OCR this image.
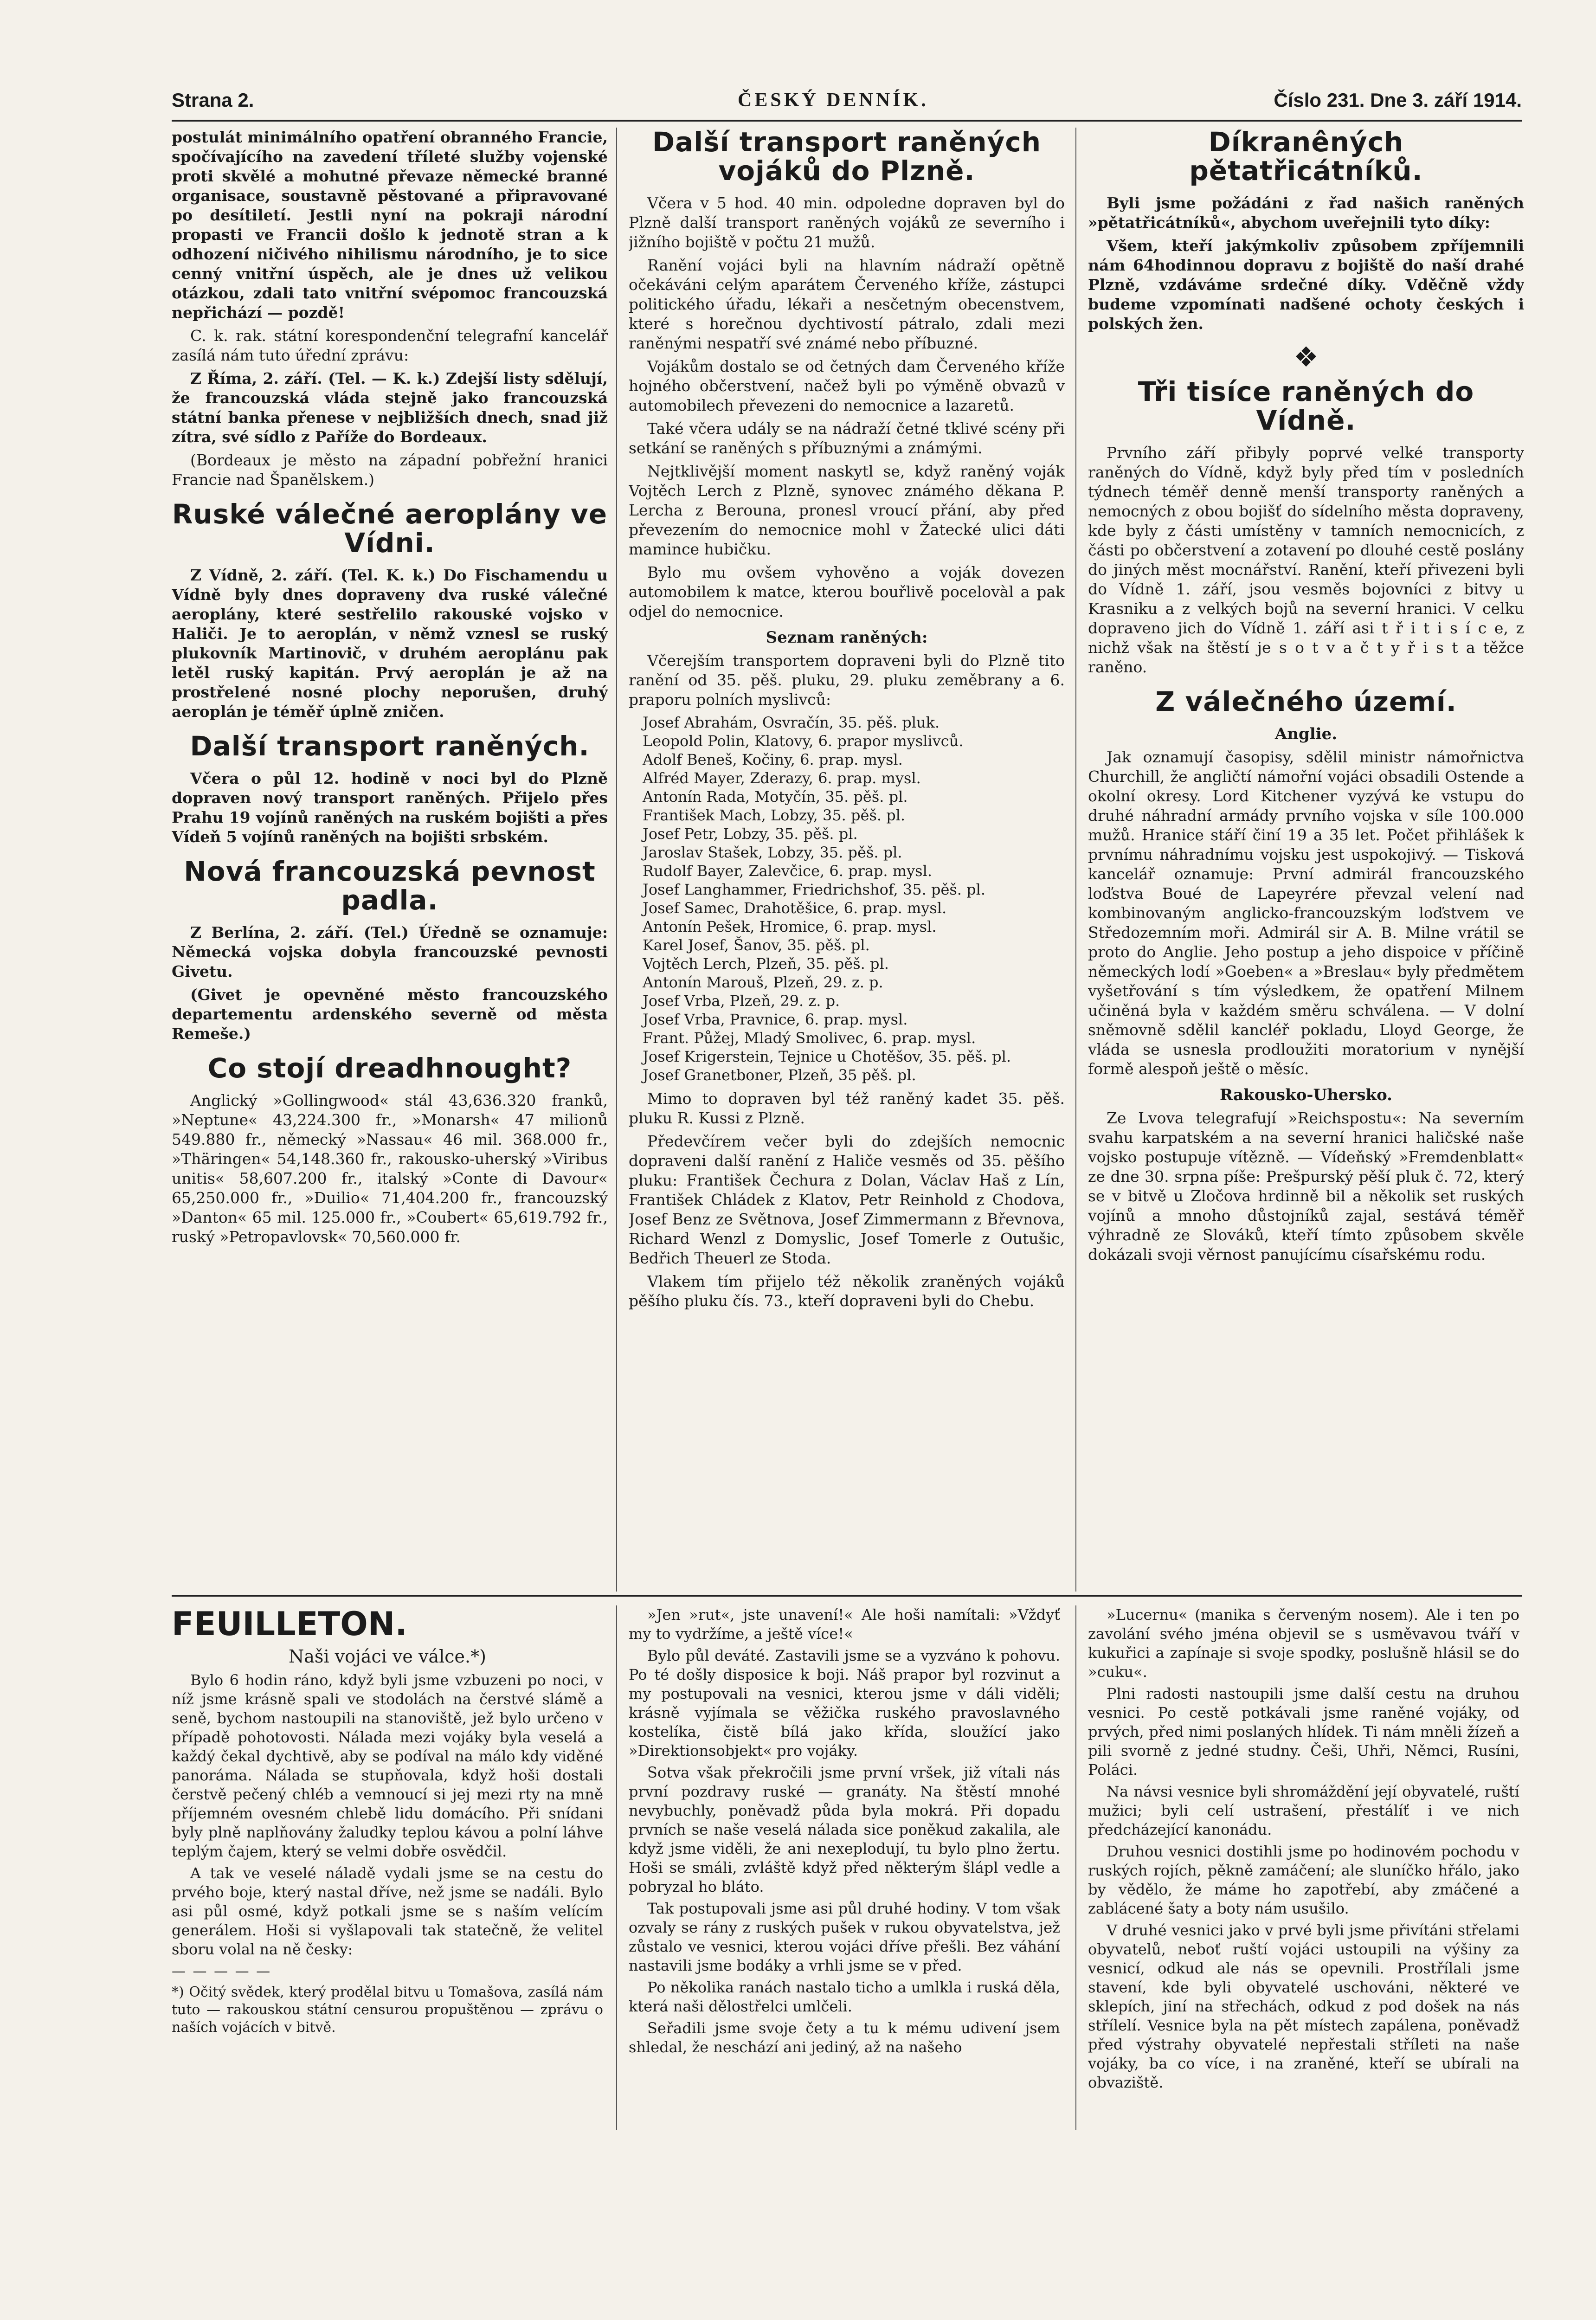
Strana 2.	ČESKÝ DENNÍK.	Číslo 231. Dne 3. září 1914.

postulát minimálního opatření obranného Francie, spočívajícího na zavedení tříleté služby vojenské proti skvělé a mohutné převaze německé branné organisace, soustavně pěstované a připravované po desítiletí. Jestli nyní na pokraji národní propasti ve Francii došlo k jednotě stran a k odhození ničivého nihilismu národního, je to sice cenný vnitřní úspěch, ale je dnes už velikou otázkou, zdali tato vnitřní svépomoc francouzská nepřichází — pozdě!

C. k. rak. státní korespondenční telegrafní kancelář zasílá nám tuto úřední zprávu:

Z Říma, 2. září. (Tel. — K. k.) Zdejší listy sdělují, že francouzská vláda stejně jako francouzská státní banka přenese v nejbližších dnech, snad již zítra, své sídlo z Paříže do Bordeaux.

(Bordeaux je město na západní pobřežní hranici Francie nad Španělskem.)

Ruské válečné aeroplány ve Vídni.

Z Vídně, 2. září. (Tel. K. k.) Do Fischamendu u Vídně byly dnes dopraveny dva ruské válečné aeroplány, které sestřelilo rakouské vojsko v Haliči. Je to aeroplán, v němž vznesl se ruský plukovník Martinovič, v druhém aeroplánu pak letěl ruský kapitán. Prvý aeroplán je až na prostřelené nosné plochy neporušen, druhý aeroplán je téměř úplně zničen.

Další transport raněných.

Včera o půl 12. hodině v noci byl do Plzně dopraven nový transport raněných. Přijelo přes Prahu 19 vojínů raněných na ruském bojišti a přes Vídeň 5 vojínů raněných na bojišti srbském.

Nová francouzská pevnost padla.

Z Berlína, 2. září. (Tel.) Úředně se oznamuje: Německá vojska dobyla francouzské pevnosti Givetu.

(Givet je opevněné město francouzského departementu ardenského severně od města Remeše.)

Co stojí dreadhnought?

Anglický »Gollingwood« stál 43,636.320 franků, »Neptune« 43,224.300 fr., »Monarsh« 47 milionů 549.880 fr., německý »Nassau« 46 mil. 368.000 fr., »Thäringen« 54,148.360 fr., rakousko-uherský »Viribus unitis« 58,607.200 fr., italský »Conte di Davour« 65,250.000 fr., »Duilio« 71,404.200 fr., francouzský »Danton« 65 mil. 125.000 fr., »Coubert« 65,619.792 fr., ruský »Petropavlovsk« 70,560.000 fr.

Další transport raněných vojáků do Plzně.

Včera v 5 hod. 40 min. odpoledne dopraven byl do Plzně další transport raněných vojáků ze severního i jižního bojiště v počtu 21 mužů.

Ranění vojáci byli na hlavním nádraží opětně očekáváni celým aparátem Červeného kříže, zástupci politického úřadu, lékaři a nesčetným obecenstvem, které s horečnou dychtivostí pátralo, zdali mezi raněnými nespatří své známé nebo příbuzné.

Vojákům dostalo se od četných dam Červeného kříže hojného občerstvení, načež byli po výměně obvazů v automobilech převezeni do nemocnice a lazaretů.

Také včera udály se na nádraží četné tklivé scény při setkání se raněných s příbuznými a známými.

Nejtklivější moment naskytl se, když raněný voják Vojtěch Lerch z Plzně, synovec známého děkana P. Lercha z Berouna, pronesl vroucí přání, aby před převezením do nemocnice mohl v Žatecké ulici dáti mamince hubičku.

Bylo mu ovšem vyhověno a voják dovezen automobilem k matce, kterou bouřlivě pocelovàl a pak odjel do nemocnice.

Seznam raněných:

Včerejším transportem dopraveni byli do Plzně tito ranění od 35. pěš. pluku, 29. pluku zeměbrany a 6. praporu polních myslivců:

Josef Abrahám, Osvračín, 35. pěš. pluk.
Leopold Polin, Klatovy, 6. prapor myslivců.
Adolf Beneš, Kočiny, 6. prap. mysl.
Alfréd Mayer, Zderazy, 6. prap. mysl.
Antonín Rada, Motyčín, 35. pěš. pl.
František Mach, Lobzy, 35. pěš. pl.
Josef Petr, Lobzy, 35. pěš. pl.
Jaroslav Stašek, Lobzy, 35. pěš. pl.
Rudolf Bayer, Zalevčice, 6. prap. mysl.
Josef Langhammer, Friedrichshof, 35. pěš. pl.
Josef Samec, Drahotěšice, 6. prap. mysl.
Antonín Pešek, Hromice, 6. prap. mysl.
Karel Josef, Šanov, 35. pěš. pl.
Vojtěch Lerch, Plzeň, 35. pěš. pl.
Antonín Marouš, Plzeň, 29. z. p.
Josef Vrba, Plzeň, 29. z. p.
Josef Vrba, Pravnice, 6. prap. mysl.
Frant. Půžej, Mladý Smolivec, 6. prap. mysl.
Josef Krigerstein, Tejnice u Chotěšov, 35. pěš. pl.
Josef Granetboner, Plzeň, 35 pěš. pl.

Mimo to dopraven byl též raněný kadet 35. pěš. pluku R. Kussi z Plzně.

Předevčírem večer byli do zdejších nemocnic dopraveni další ranění z Haliče vesměs od 35. pěšího pluku: František Čechura z Dolan, Václav Haš z Lín, František Chládek z Klatov, Petr Reinhold z Chodova, Josef Benz ze Světnova, Josef Zimmermann z Břevnova, Richard Wenzl z Domyslic, Josef Tomerle z Outušic, Bedřich Theuerl ze Stoda.

Vlakem tím přijelo též několik zraněných vojáků pěšího pluku čís. 73., kteří dopraveni byli do Chebu.

Díkranêných pětatřicátníků.

Byli jsme požádáni z řad našich raněných »pětatřicátníků«, abychom uveřejnili tyto díky:

Všem, kteří jakýmkoliv způsobem zpříjemnili nám 64hodinnou dopravu z bojiště do naší drahé Plzně, vzdáváme srdečné díky. Vděčně vždy budeme vzpomínati nadšené ochoty českých i polských žen.

❖
Tři tisíce raněných do Vídně.

Prvního září přibyly poprvé velké transporty raněných do Vídně, když byly před tím v posledních týdnech téměř denně menší transporty raněných a nemocných z obou bojišť do sídelního města dopraveny, kde byly z části umístěny v tamních nemocnicích, z části po občerstvení a zotavení po dlouhé cestě poslány do jiných měst mocnářství. Ranění, kteří přivezeni byli do Vídně 1. září, jsou vesměs bojovníci z bitvy u Krasniku a z velkých bojů na severní hranici. V celku dopraveno jich do Vídně 1. září asi t ř i t i s í c e, z nichž však na štěstí je s o t v a č t y ř i s t a těžce raněno.

Z válečného území.
Anglie.

Jak oznamují časopisy, sdělil ministr námořnictva Churchill, že angličtí námořní vojáci obsadili Ostende a okolní okresy. Lord Kitchener vyzývá ke vstupu do druhé náhradní armády prvního vojska v síle 100.000 mužů. Hranice stáří činí 19 a 35 let. Počet přihlášek k prvnímu náhradnímu vojsku jest uspokojivý. — Tisková kancelář oznamuje: První admirál francouzského loďstva Boué de Lapeyrére převzal velení nad kombinovaným anglicko-francouzským loďstvem ve Středozemním moři. Admirál sir A. B. Milne vrátil se proto do Anglie. Jeho postup a jeho dispoice v příčině německých lodí »Goeben« a »Breslau« byly předmětem vyšetřování s tím výsledkem, že opatření Milnem učiněná byla v každém směru schválena. — V dolní sněmovně sdělil kancléř pokladu, Lloyd George, že vláda se usnesla prodloužiti moratorium v nynější formě alespoň ještě o měsíc.

Rakousko-Uhersko.

Ze Lvova telegrafují »Reichspostu«: Na severním svahu karpatském a na severní hranici haličské naše vojsko postupuje vítězně. — Vídeňský »Fremdenblatt« ze dne 30. srpna píše: Prešpurský pěší pluk č. 72, který se v bitvě u Zločova hrdinně bil a několik set ruských vojínů a mnoho důstojníků zajal, sestává téměř výhradně ze Slováků, kteří tímto způsobem skvěle dokázali svoji věrnost panujícímu císařskému rodu.

FEUILLETON.
Naši vojáci ve válce.*)

Bylo 6 hodin ráno, když byli jsme vzbuzeni po noci, v níž jsme krásně spali ve stodolách na čerstvé slámě a seně, bychom nastoupili na stanoviště, jež bylo určeno v případě pohotovosti. Nálada mezi vojáky byla veselá a každý čekal dychtivě, aby se podíval na málo kdy viděné panoráma. Nálada se stupňovala, když hoši dostali čerstvě pečený chléb a vemnoucí si jej mezi rty na mně příjemném ovesném chlebě lidu domácího. Při snídani byly plně naplňovány žaludky teplou kávou a polní láhve teplým čajem, který se velmi dobře osvědčil.

A tak ve veselé náladě vydali jsme se na cestu do prvého boje, který nastal dříve, než jsme se nadáli. Bylo asi půl osmé, když potkali jsme se s naším velícím generálem. Hoši si vyšlapovali tak statečně, že velitel sboru volal na ně česky:

— — — — —
*) Očitý svědek, který prodělal bitvu u Tomašova, zasílá nám tuto — rakouskou státní censurou propuštěnou — zprávu o naších vojácích v bitvě.

»Jen »rut«, jste unavení!« Ale hoši namítali: »Vždyť my to vydržíme, a ještě více!«

Bylo půl deváté. Zastavili jsme se a vyzváno k pohovu. Po té došly disposice k boji. Náš prapor byl rozvinut a my postupovali na vesnici, kterou jsme v dáli viděli; krásně vyjímala se věžička ruského pravoslavného kostelíka, čistě bílá jako křída, sloužící jako »Direktionsobjekt« pro vojáky.

Sotva však překročili jsme první vršek, již vítali nás první pozdravy ruské — granáty. Na štěstí mnohé nevybuchly, poněvadž půda byla mokrá. Při dopadu prvních se naše veselá nálada sice poněkud zakalila, ale když jsme viděli, že ani nexeplodují, tu bylo plno žertu. Hoši se smáli, zvláště když před některým šlápl vedle a pobryzal ho bláto.

Tak postupovali jsme asi půl druhé hodiny. V tom však ozvaly se rány z ruských pušek v rukou obyvatelstva, jež zůstalo ve vesnici, kterou vojáci dříve přešli. Bez váhání nastavili jsme bodáky a vrhli jsme se v před.

Po několika ranách nastalo ticho a umlkla i ruská děla, která naši dělostřelci umlčeli.

Seřadili jsme svoje čety a tu k mému udivení jsem shledal, že neschází ani jediný, až na našeho

»Lucernu« (manika s červeným nosem). Ale i ten po zavolání svého jména objevil se s usměvavou tváří v kukuřici a zapínaje si svoje spodky, poslušně hlásil se do »cuku«.

Plni radosti nastoupili jsme další cestu na druhou vesnici. Po cestě potkávali jsme raněné vojáky, od prvých, před nimi poslaných hlídek. Ti nám mněli žízeň a pili svorně z jedné studny. Češi, Uhři, Němci, Rusíni, Poláci.

Na návsi vesnice byli shromáždění její obyvatelé, ruští mužici; byli celí ustrašení, přestálíť i ve nich předcházející kanonádu.

Druhou vesnici dostihli jsme po hodinovém pochodu v ruských rojích, pěkně zamáčení; ale sluníčko hřálo, jako by vědělo, že máme ho zapotřebí, aby zmáčené a zablácené šaty a boty nám usušilo.

V druhé vesnici jako v prvé byli jsme přivítáni střelami obyvatelů, neboť ruští vojáci ustoupili na výšiny za vesnicí, odkud ale nás se opevnili. Prostřílali jsme stavení, kde byli obyvatelé uschováni, některé ve sklepích, jiní na střechách, odkud z pod došek na nás střílelí. Vesnice byla na pět místech zapálena, poněvadž před výstrahy obyvatelé nepřestali stříleti na naše vojáky, ba co více, i na zraněné, kteří se ubírali na obvaziště.
